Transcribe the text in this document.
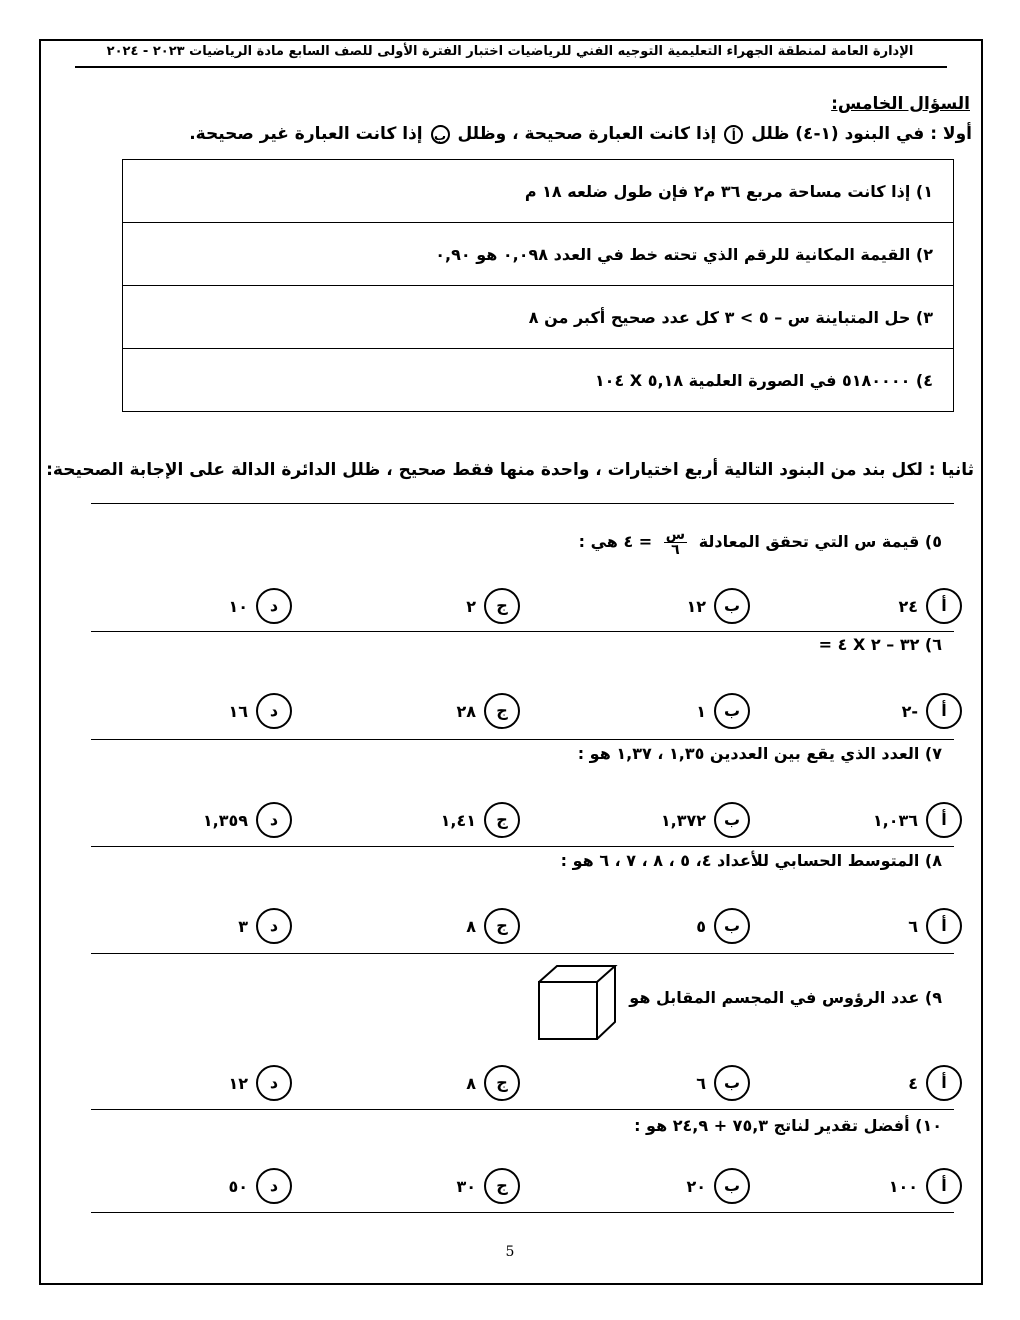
الإدارة العامة لمنطقة الجهراء التعليمية التوجيه الفني للرياضيات اختبار الفترة الأولى للصف السابع مادة الرياضيات ٢٠٢٣ - ٢٠٢٤
السؤال الخامس:
أولا : في البنود (١-٤) ظلل أ إذا كانت العبارة صحيحة ، وظلل ب إذا كانت العبارة غير صحيحة.
١) إذا كانت مساحة مربع ٣٦ م٢ فإن طول ضلعه ١٨ م
٢) القيمة المكانية للرقم الذي تحته خط في العدد ٠,٠٩٨ هو ٠,٩٠
٣) حل المتباينة س – ٥ > ٣ كل عدد صحيح أكبر من ٨
٤) ٥١٨٠٠٠٠ في الصورة العلمية ٥,١٨ X ١٠٤
ثانيا : لكل بند من البنود التالية أربع اختيارات ، واحدة منها فقط صحيح ، ظلل الدائرة الدالة على الإجابة الصحيحة:
٥) قيمة س التي تحقق المعادلة
$\frac{\text{س}}{٦}$
= ٤ هي :
أ٢٤
ب١٢
ج٢
د١٠
٦) ٣٢ – ٢ X ٤ =
أ-٢
ب١
ج٢٨
د١٦
٧) العدد الذي يقع بين العددين ١,٣٥ ، ١,٣٧ هو :
أ١,٠٣٦
ب١,٣٧٢
ج١,٤١
د١,٣٥٩
٨) المتوسط الحسابي للأعداد ٤، ٥ ، ٨ ، ٧ ، ٦ هو :
أ٦
ب٥
ج٨
د٣
٩) عدد الرؤوس في المجسم المقابل هو
أ٤
ب٦
ج٨
د١٢
١٠) أفضل تقدير لناتج ٧٥,٣ + ٢٤,٩ هو :
أ١٠٠
ب٢٠
ج٣٠
د٥٠
5
